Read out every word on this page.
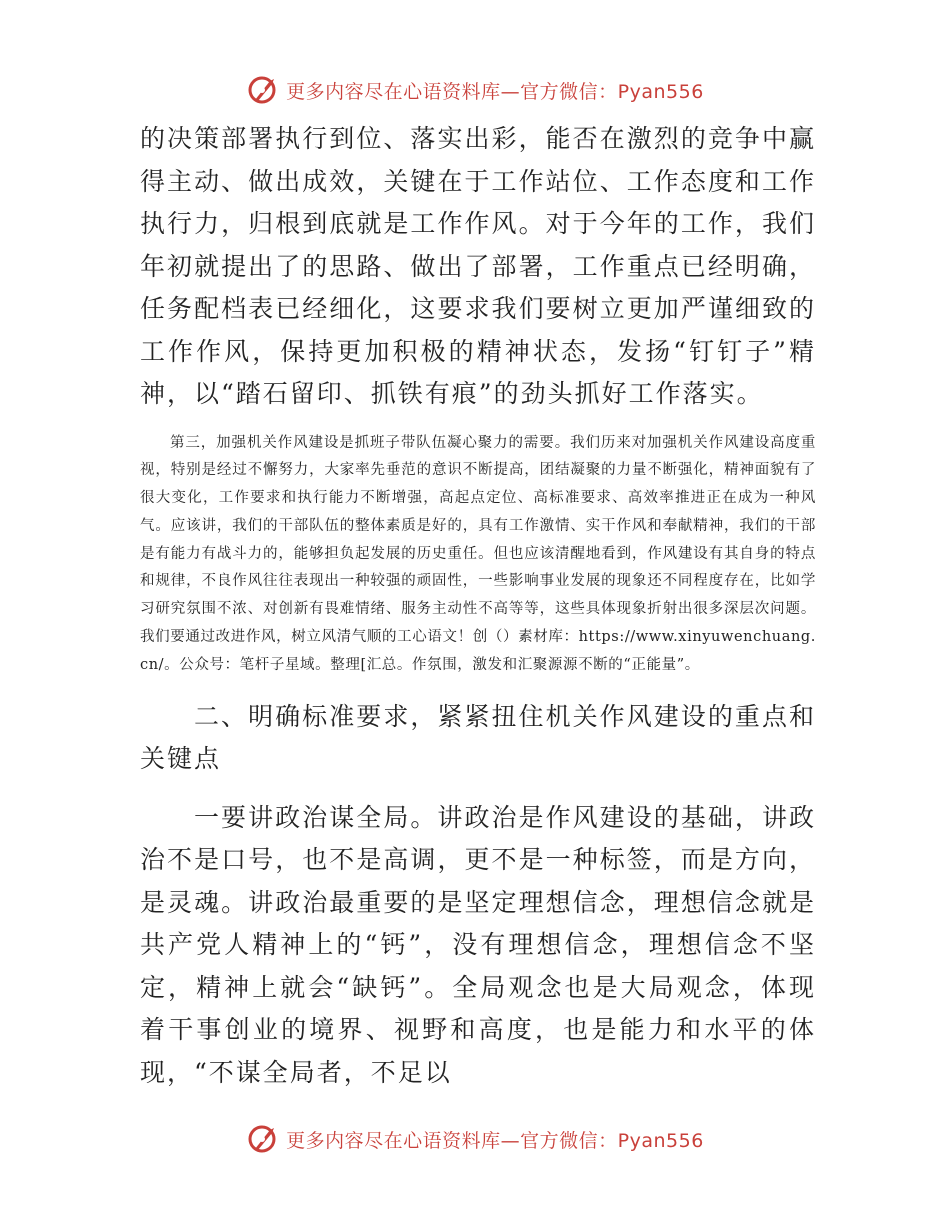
更多内容尽在心语资料库—官方微信：Pyan556

的决策部署执行到位、落实出彩，能否在激烈的竞争中赢得主动、做出成效，关键在于工作站位、工作态度和工作执行力，归根到底就是工作作风。对于今年的工作，我们年初就提出了的思路、做出了部署，工作重点已经明确，任务配档表已经细化，这要求我们要树立更加严谨细致的工作作风，保持更加积极的精神状态，发扬“钉钉子”精神，以“踏石留印、抓铁有痕”的劲头抓好工作落实。

第三，加强机关作风建设是抓班子带队伍凝心聚力的需要。我们历来对加强机关作风建设高度重视，特别是经过不懈努力，大家率先垂范的意识不断提高，团结凝聚的力量不断强化，精神面貌有了很大变化，工作要求和执行能力不断增强，高起点定位、高标准要求、高效率推进正在成为一种风气。应该讲，我们的干部队伍的整体素质是好的，具有工作激情、实干作风和奉献精神，我们的干部是有能力有战斗力的，能够担负起发展的历史重任。但也应该清醒地看到，作风建设有其自身的特点和规律，不良作风往往表现出一种较强的顽固性，一些影响事业发展的现象还不同程度存在，比如学习研究氛围不浓、对创新有畏难情绪、服务主动性不高等等，这些具体现象折射出很多深层次问题。我们要通过改进作风，树立风清气顺的工心语文！创（）素材库：https://www.xinyuwenchuang.cn/。公众号：笔杆子星域。整理[汇总。作氛围，激发和汇聚源源不断的“正能量”。

二、明确标准要求，紧紧扭住机关作风建设的重点和关键点

一要讲政治谋全局。讲政治是作风建设的基础，讲政治不是口号，也不是高调，更不是一种标签，而是方向，是灵魂。讲政治最重要的是坚定理想信念，理想信念就是共产党人精神上的“钙”，没有理想信念，理想信念不坚定，精神上就会“缺钙”。全局观念也是大局观念，体现着干事创业的境界、视野和高度，也是能力和水平的体现，“不谋全局者，不足以

更多内容尽在心语资料库—官方微信：Pyan556
